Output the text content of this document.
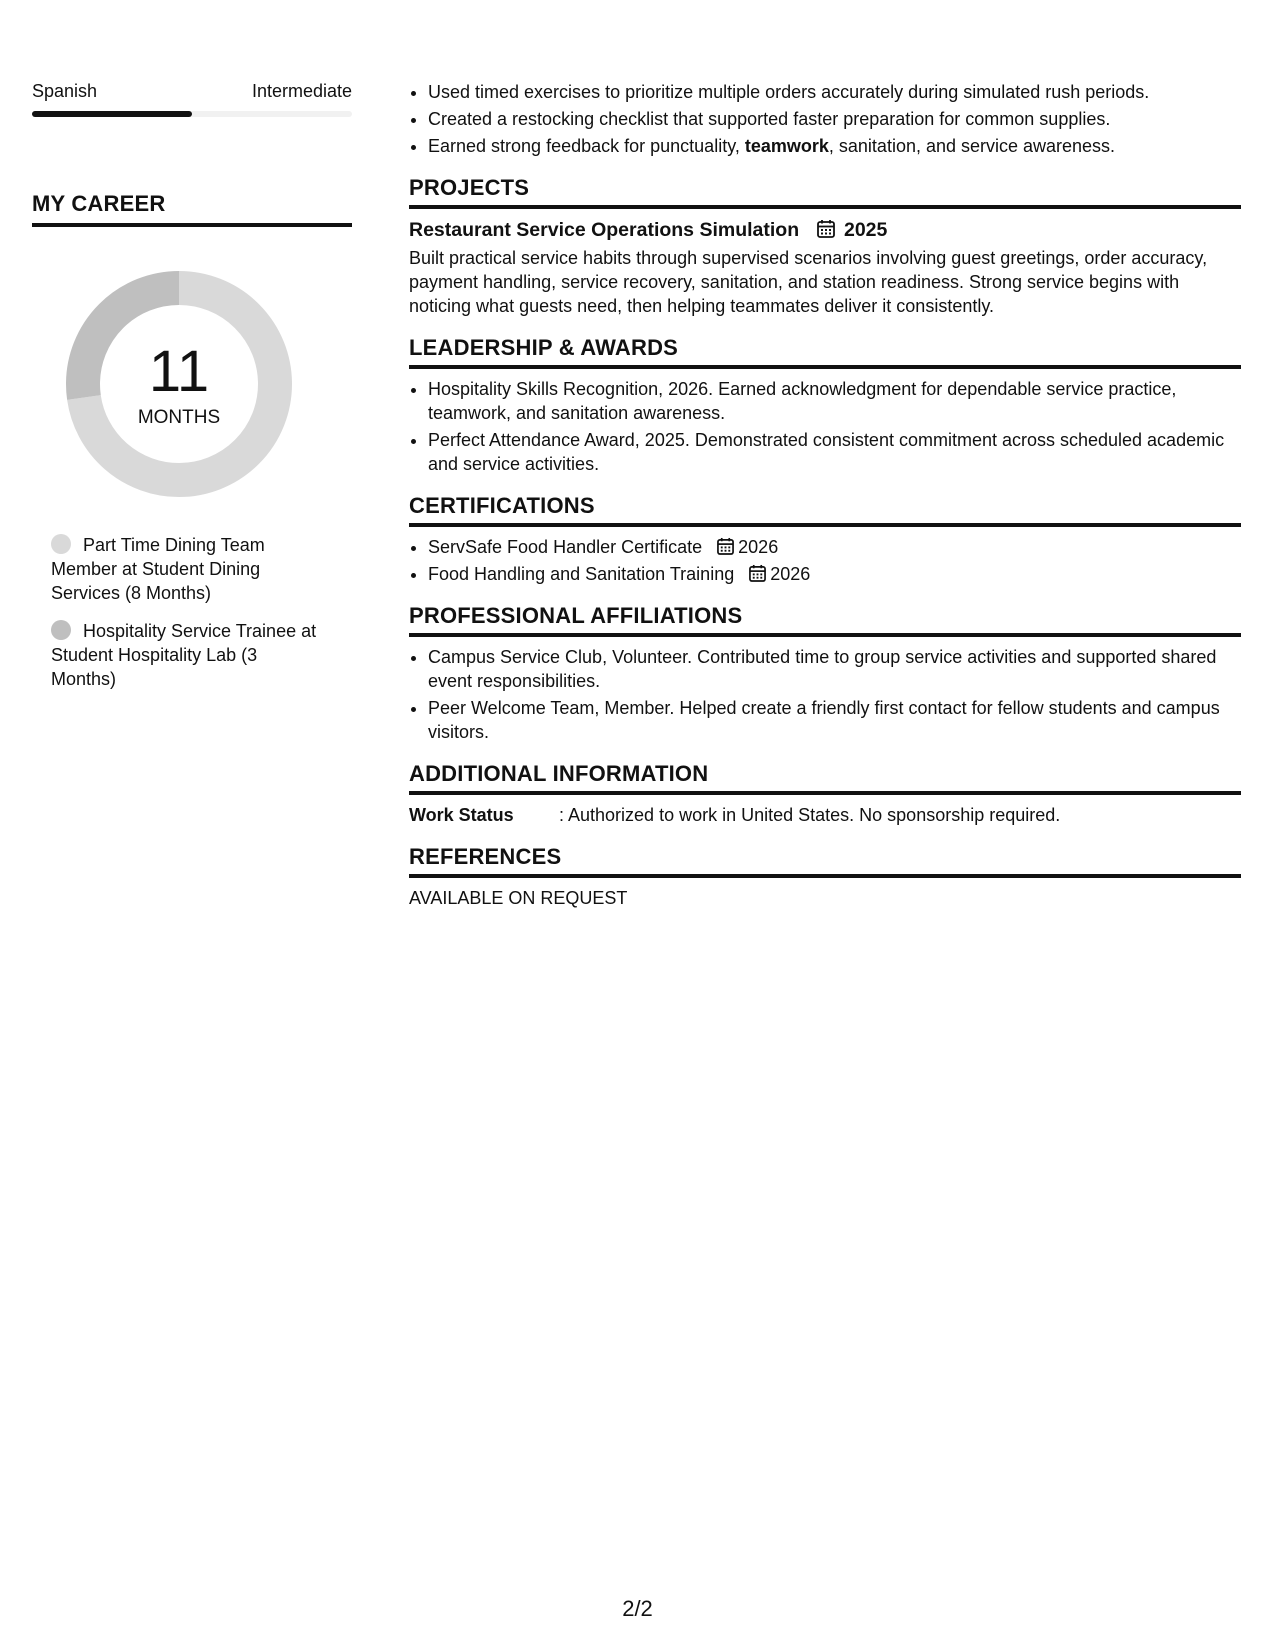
Spanish	Intermediate
MY CAREER
11
MONTHS
Part Time Dining Team Member at Student Dining Services (8 Months)
Hospitality Service Trainee at Student Hospitality Lab (3 Months)
• Used timed exercises to prioritize multiple orders accurately during simulated rush periods.
• Created a restocking checklist that supported faster preparation for common supplies.
• Earned strong feedback for punctuality, teamwork, sanitation, and service awareness.
PROJECTS
Restaurant Service Operations Simulation 2025
Built practical service habits through supervised scenarios involving guest greetings, order accuracy, payment handling, service recovery, sanitation, and station readiness. Strong service begins with noticing what guests need, then helping teammates deliver it consistently.
LEADERSHIP & AWARDS
• Hospitality Skills Recognition, 2026. Earned acknowledgment for dependable service practice, teamwork, and sanitation awareness.
• Perfect Attendance Award, 2025. Demonstrated consistent commitment across scheduled academic and service activities.
CERTIFICATIONS
• ServSafe Food Handler Certificate 2026
• Food Handling and Sanitation Training 2026
PROFESSIONAL AFFILIATIONS
• Campus Service Club, Volunteer. Contributed time to group service activities and supported shared event responsibilities.
• Peer Welcome Team, Member. Helped create a friendly first contact for fellow students and campus visitors.
ADDITIONAL INFORMATION
Work Status	: Authorized to work in United States. No sponsorship required.
REFERENCES
AVAILABLE ON REQUEST
2/2
